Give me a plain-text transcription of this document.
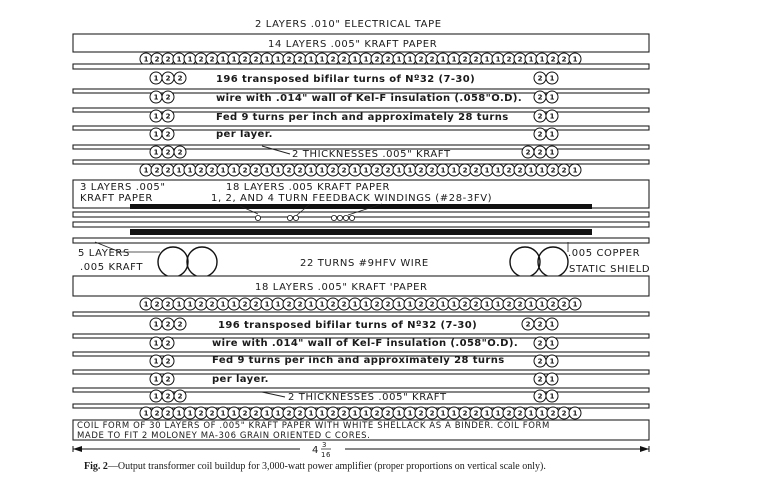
2 LAYERS .010" ELECTRICAL TAPE
14 LAYERS .005" KRAFT PAPER
1 2 2 1 1 2 2 1 1 2 2 1 1 2 2 1 1 2 2 1 1 2 2 1 1 2 2 1 1 2 2 1 1 2 2 1 1 2 2 1
1 2 2	2 1
196 transposed bifilar turns of Nº32 (7-30)
1 2	2 1
wire with .014" wall of Kel-F insulation (.058"O.D).
1 2	2 1
Fed 9 turns per inch and approximately 28 turns
1 2	2 1
per layer.
1 2 2	2 2 1
2 THICKNESSES .005" KRAFT
1 2 2 1 1 2 2 1 1 2 2 1 1 2 2 1 1 2 2 1 1 2 2 1 1 2 2 1 1 2 2 1 1 2 2 1 1 2 2 1
3 LAYERS .005"
KRAFT PAPER
18 LAYERS .005 KRAFT PAPER
1, 2, AND 4 TURN FEEDBACK WINDINGS (#28-3FV)
5 LAYERS
.005 KRAFT	22 TURNS #9HFV WIRE
.005 COPPER
STATIC SHIELD
18 LAYERS .005" KRAFT 'PAPER
1 2 2 1 1 2 2 1 1 2 2 1 1 2 2 1 1 2 2 1 1 2 2 1 1 2 2 1 1 2 2 1 1 2 2 1 1 2 2 1
1 2 2	2 2 1
196 transposed bifilar turns of Nº32 (7-30)
1 2	2 1
wire with .014" wall of Kel-F insulation (.058"O.D).
1 2	2 1
Fed 9 turns per inch and approximately 28 turns
1 2	2 1
per layer.
1 2 2	2 1
2 THICKNESSES .005" KRAFT
1 2 2 1 1 2 2 1 1 2 2 1 1 2 2 1 1 2 2 1 1 2 2 1 1 2 2 1 1 2 2 1 1 2 2 1 1 2 2 1
COIL FORM OF 30 LAYERS OF .005" KRAFT PAPER WITH WHITE SHELLACK AS A BINDER. COIL FORM
MADE TO FIT 2 MOLONEY MA-306 GRAIN ORIENTED C CORES.
4 3
16
Fig. 2—Output transformer coil buildup for 3,000-watt power amplifier (proper proportions on vertical scale only).
